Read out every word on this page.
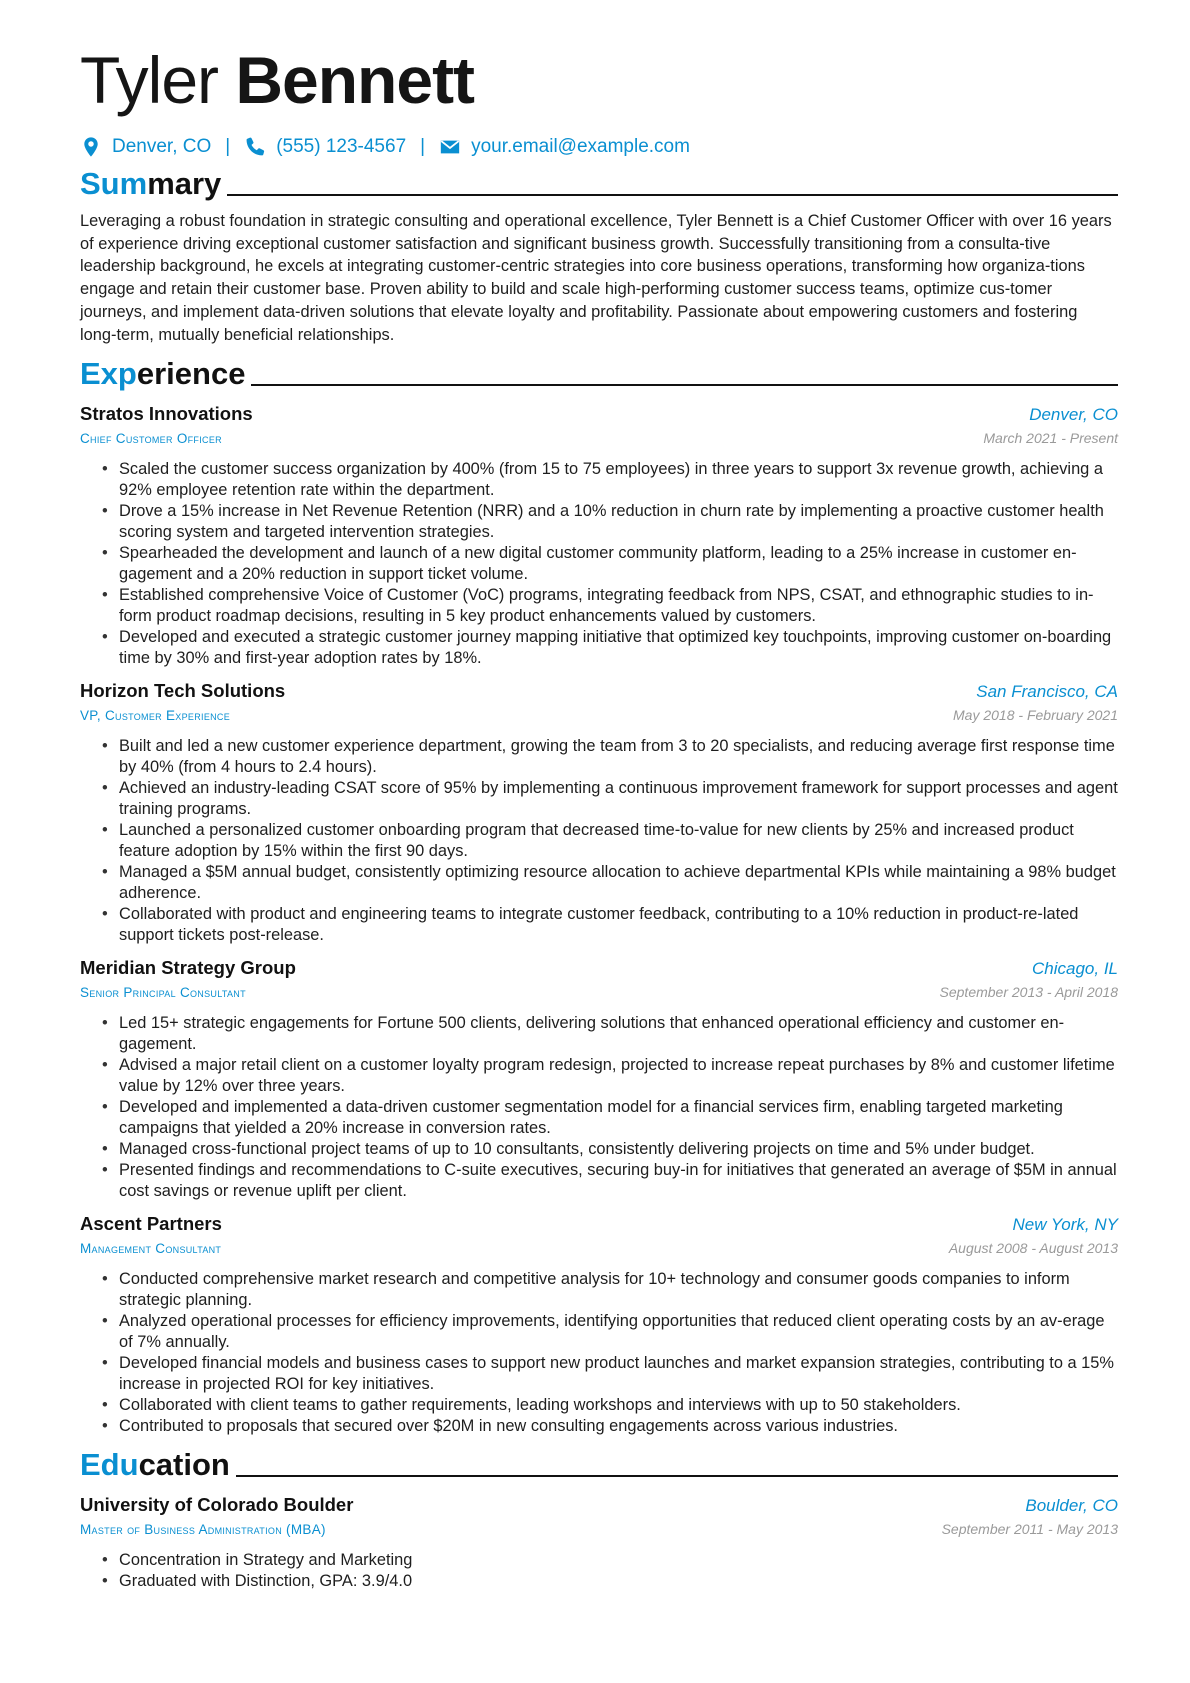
Tyler Bennett
Denver, CO | (555) 123-4567 | your.email@example.com
Summary

Leveraging a robust foundation in strategic consulting and operational excellence, Tyler Bennett is a Chief Customer Officer with over 16 years of experience driving exceptional customer satisfaction and significant business growth. Successfully transitioning from a consulta-tive leadership background, he excels at integrating customer-centric strategies into core business operations, transforming how organiza-tions engage and retain their customer base. Proven ability to build and scale high-performing customer success teams, optimize cus-tomer journeys, and implement data-driven solutions that elevate loyalty and profitability. Passionate about empowering customers and fostering long-term, mutually beneficial relationships.

Experience
Stratos Innovations	Denver, CO
Chief Customer Officer	March 2021 - Present
• Scaled the customer success organization by 400% (from 15 to 75 employees) in three years to support 3x revenue growth, achieving a 92% employee retention rate within the department.
• Drove a 15% increase in Net Revenue Retention (NRR) and a 10% reduction in churn rate by implementing a proactive customer health scoring system and targeted intervention strategies.
• Spearheaded the development and launch of a new digital customer community platform, leading to a 25% increase in customer en-gagement and a 20% reduction in support ticket volume.
• Established comprehensive Voice of Customer (VoC) programs, integrating feedback from NPS, CSAT, and ethnographic studies to in-form product roadmap decisions, resulting in 5 key product enhancements valued by customers.
• Developed and executed a strategic customer journey mapping initiative that optimized key touchpoints, improving customer on-boarding time by 30% and first-year adoption rates by 18%.
Horizon Tech Solutions	San Francisco, CA
VP, Customer Experience	May 2018 - February 2021
• Built and led a new customer experience department, growing the team from 3 to 20 specialists, and reducing average first response time by 40% (from 4 hours to 2.4 hours).
• Achieved an industry-leading CSAT score of 95% by implementing a continuous improvement framework for support processes and agent training programs.
• Launched a personalized customer onboarding program that decreased time-to-value for new clients by 25% and increased product feature adoption by 15% within the first 90 days.
• Managed a $5M annual budget, consistently optimizing resource allocation to achieve departmental KPIs while maintaining a 98% budget adherence.
• Collaborated with product and engineering teams to integrate customer feedback, contributing to a 10% reduction in product-re-lated support tickets post-release.
Meridian Strategy Group	Chicago, IL
Senior Principal Consultant	September 2013 - April 2018
• Led 15+ strategic engagements for Fortune 500 clients, delivering solutions that enhanced operational efficiency and customer en-gagement.
• Advised a major retail client on a customer loyalty program redesign, projected to increase repeat purchases by 8% and customer lifetime value by 12% over three years.
• Developed and implemented a data-driven customer segmentation model for a financial services firm, enabling targeted marketing campaigns that yielded a 20% increase in conversion rates.
• Managed cross-functional project teams of up to 10 consultants, consistently delivering projects on time and 5% under budget.
• Presented findings and recommendations to C-suite executives, securing buy-in for initiatives that generated an average of $5M in annual cost savings or revenue uplift per client.
Ascent Partners	New York, NY
Management Consultant	August 2008 - August 2013
• Conducted comprehensive market research and competitive analysis for 10+ technology and consumer goods companies to inform strategic planning.
• Analyzed operational processes for efficiency improvements, identifying opportunities that reduced client operating costs by an av-erage of 7% annually.
• Developed financial models and business cases to support new product launches and market expansion strategies, contributing to a 15% increase in projected ROI for key initiatives.
• Collaborated with client teams to gather requirements, leading workshops and interviews with up to 50 stakeholders.
• Contributed to proposals that secured over $20M in new consulting engagements across various industries.
Education
University of Colorado Boulder	Boulder, CO
Master of Business Administration (MBA)	September 2011 - May 2013
• Concentration in Strategy and Marketing
• Graduated with Distinction, GPA: 3.9/4.0
